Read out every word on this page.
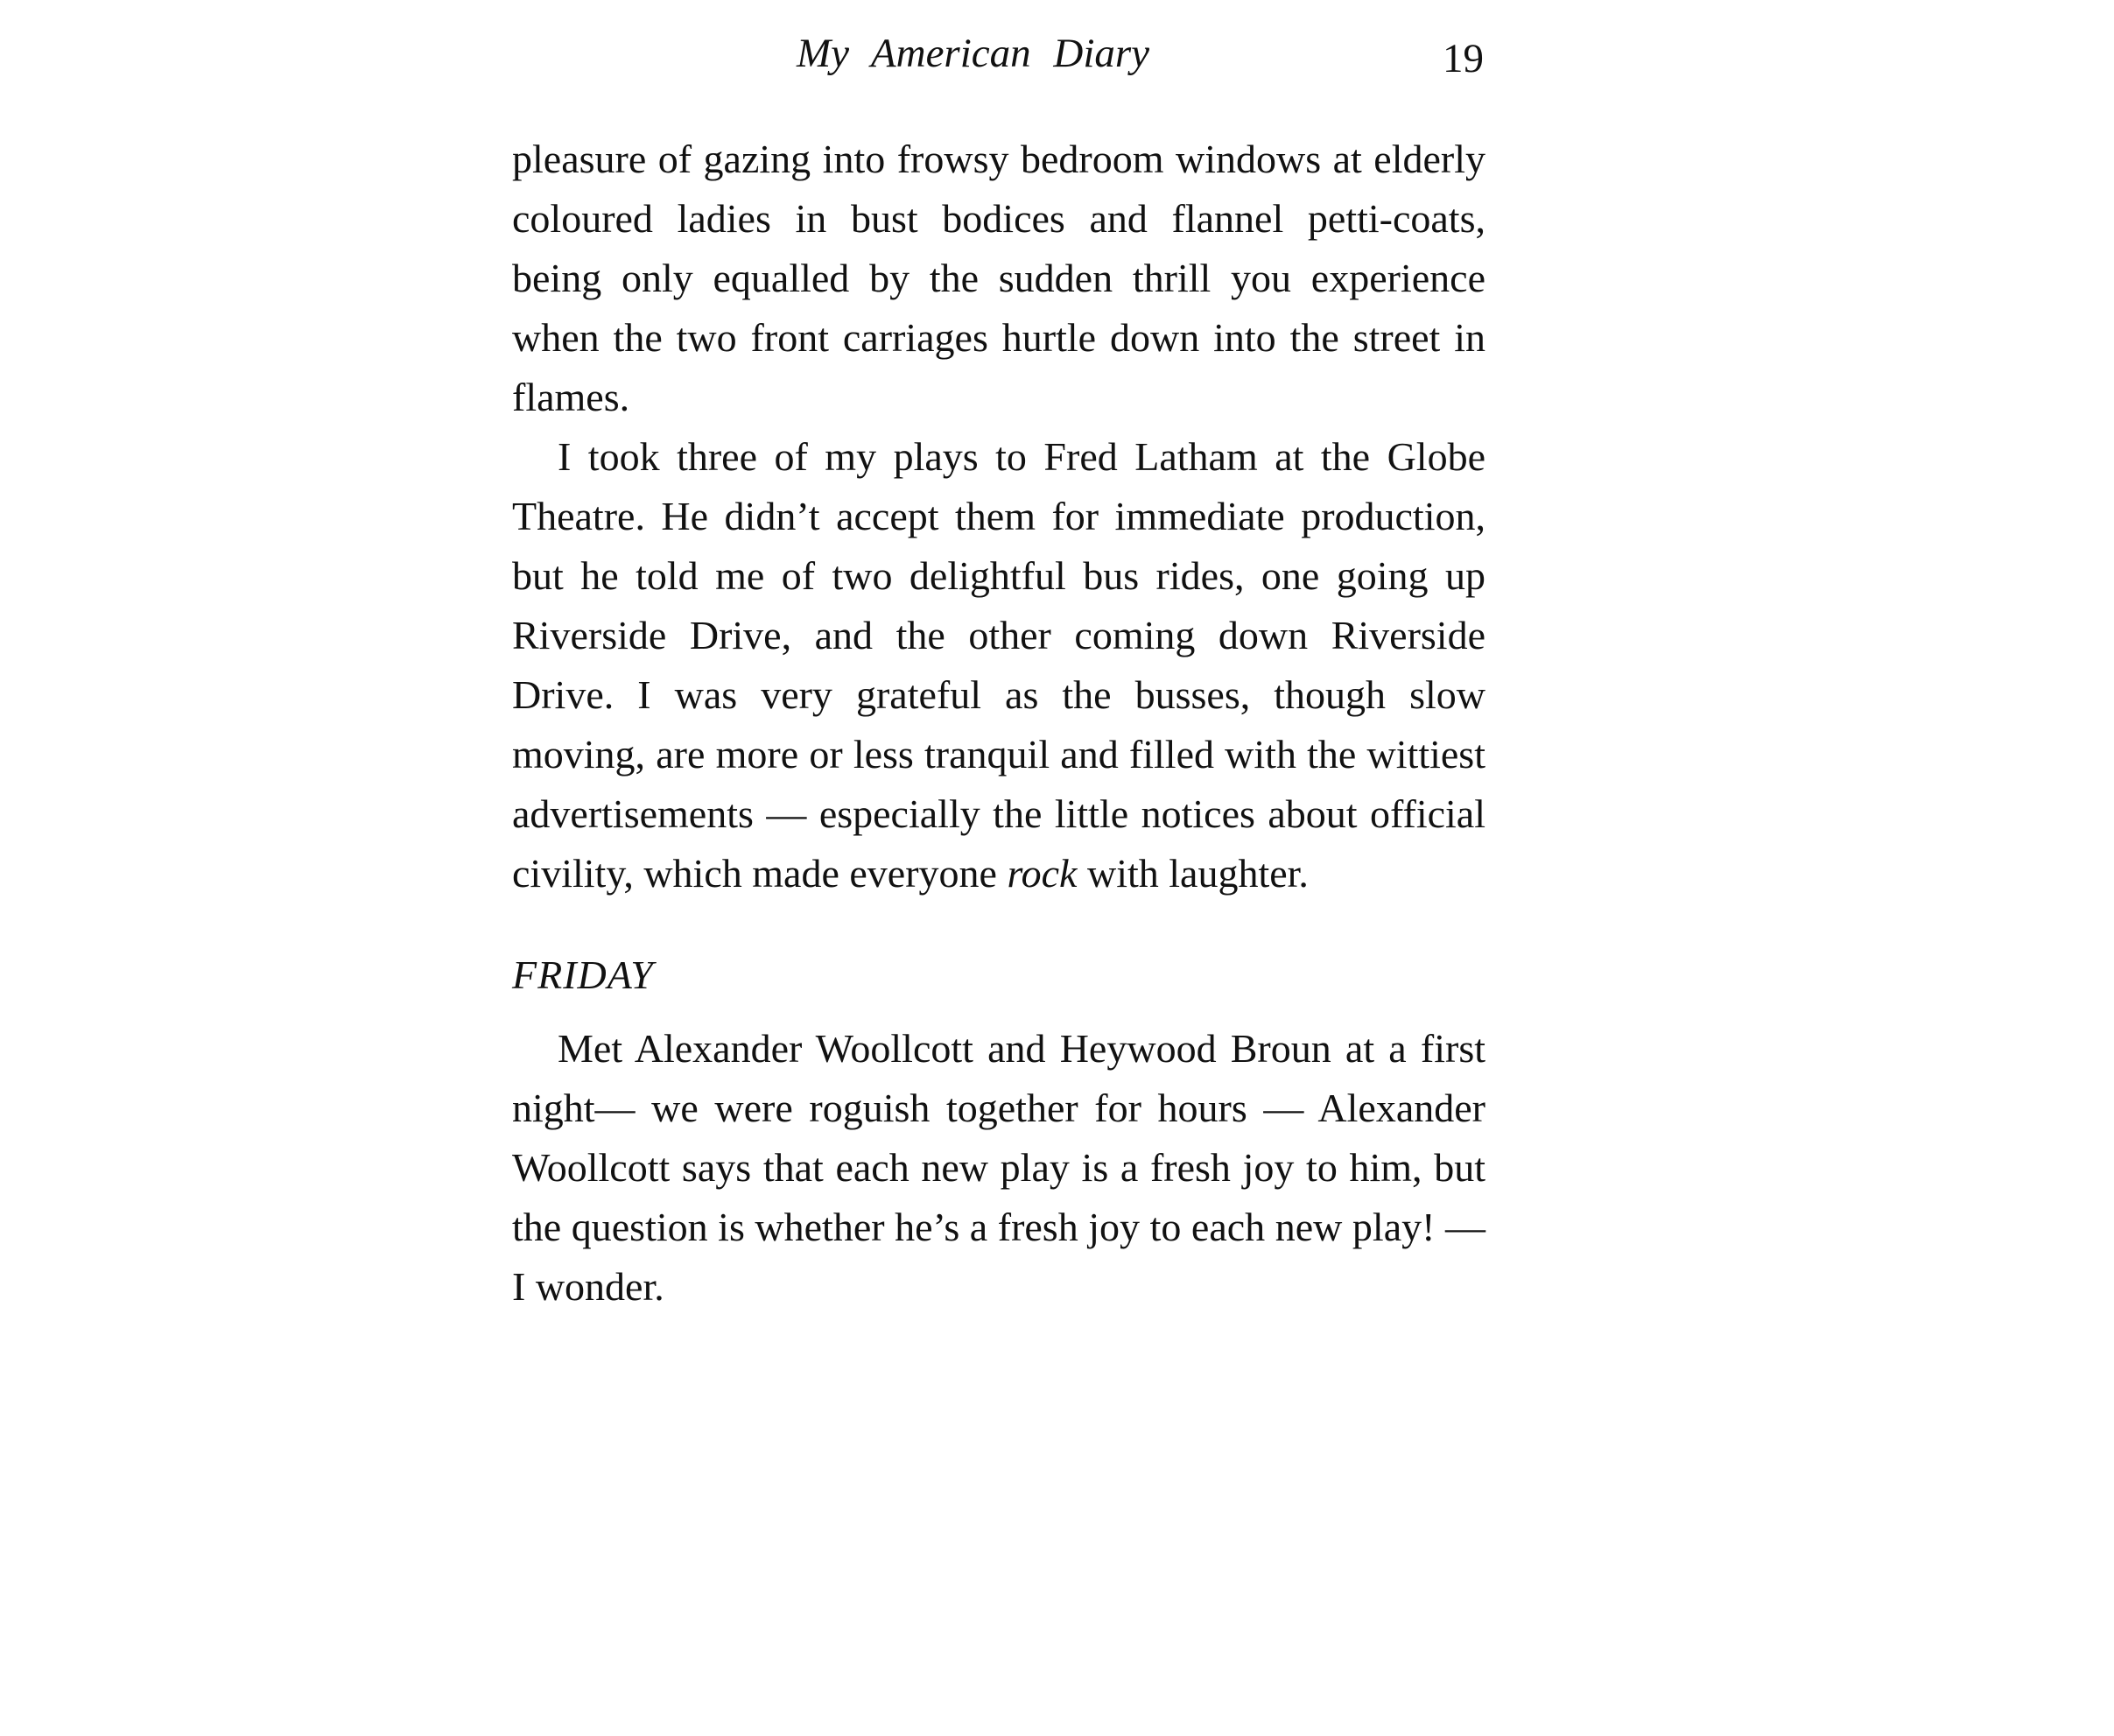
My American Diary	19

pleasure of gazing into frowsy bedroom windows at elderly coloured ladies in bust bodices and flannel petti-coats, being only equalled by the sudden thrill you experience when the two front carriages hurtle down into the street in flames.

I took three of my plays to Fred Latham at the Globe Theatre. He didn’t accept them for immediate production, but he told me of two delightful bus rides, one going up Riverside Drive, and the other coming down Riverside Drive. I was very grateful as the busses, though slow moving, are more or less tranquil and filled with the wittiest advertisements — especially the little notices about official civility, which made everyone rock with laughter.

FRIDAY

Met Alexander Woollcott and Heywood Broun at a first night— we were roguish together for hours — Alexander Woollcott says that each new play is a fresh joy to him, but the question is whether he’s a fresh joy to each new play! — I wonder.
